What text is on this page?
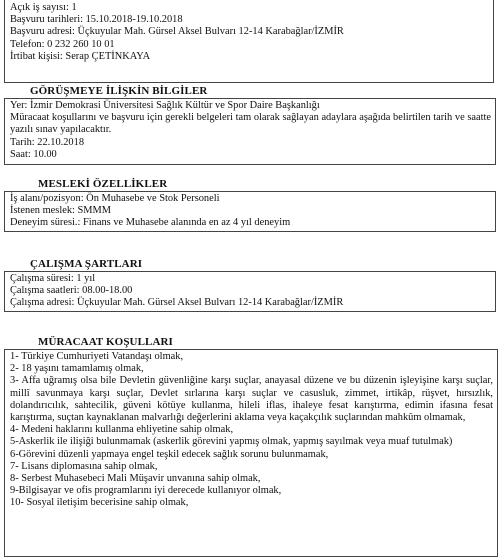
Açık iş sayısı: 1
Başvuru tarihleri: 15.10.2018-19.10.2018
Başvuru adresi: Üçkuyular Mah. Gürsel Aksel Bulvarı 12-14 Karabağlar/İZMİR
Telefon: 0 232 260 10 01
İrtibat kişisi: Serap ÇETİNKAYA
GÖRÜŞMEYE İLİŞKİN BİLGİLER
Yer: İzmir Demokrasi Üniversitesi Sağlık Kültür ve Spor Daire Başkanlığı
Müracaat koşullarını ve başvuru için gerekli belgeleri tam olarak sağlayan adaylara aşağıda belirtilen tarih ve saatte yazılı sınav yapılacaktır.
Tarih: 22.10.2018
Saat: 10.00
MESLEKİ ÖZELLİKLER
İş alanı/pozisyon: Ön Muhasebe ve Stok Personeli
İstenen meslek: SMMM
Deneyim süresi.: Finans ve Muhasebe alanında en az 4 yıl deneyim
ÇALIŞMA ŞARTLARI
Çalışma süresi: 1 yıl
Çalışma saatleri: 08.00-18.00
Çalışma adresi: Üçkuyular Mah. Gürsel Aksel Bulvarı 12-14 Karabağlar/İZMİR
MÜRACAAT KOŞULLARI
1- Türkiye Cumhuriyeti Vatandaşı olmak,
2- 18 yaşını tamamlamış olmak,
3- Affa uğramış olsa bile Devletin güvenliğine karşı suçlar, anayasal düzene ve bu düzenin işleyişine karşı suçlar, millî savunmaya karşı suçlar, Devlet sırlarına karşı suçlar ve casusluk, zimmet, irtikâp, rüşvet, hırsızlık, dolandırıcılık, sahtecilik, güveni kötüye kullanma, hileli iflas, ihaleye fesat karıştırma, edimin ifasına fesat karıştırma, suçtan kaynaklanan malvarlığı değerlerini aklama veya kaçakçılık suçlarından mahkûm olmamak,
4- Medeni haklarını kullanma ehliyetine sahip olmak,
5-Askerlik ile ilişiği bulunmamak (askerlik görevini yapmış olmak, yapmış sayılmak veya muaf tutulmak)
6-Görevini düzenli yapmaya engel teşkil edecek sağlık sorunu bulunmamak,
7- Lisans diplomasına sahip olmak,
8- Serbest Muhasebeci Mali Müşavir unvanına sahip olmak,
9-Bilgisayar ve ofis programlarını iyi derecede kullanıyor olmak,
10- Sosyal iletişim becerisine sahip olmak,
